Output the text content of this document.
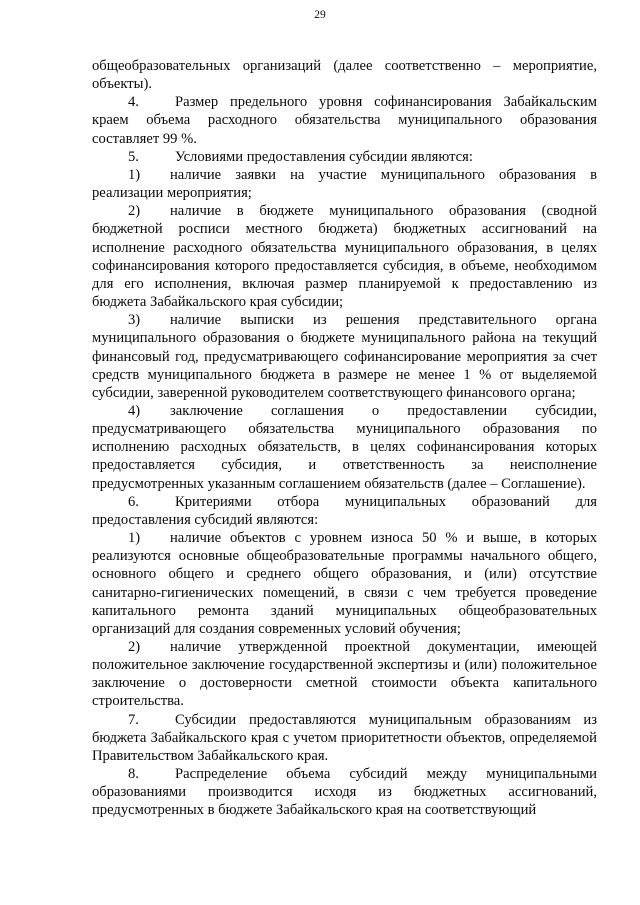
29

общеобразовательных организаций (далее соответственно – мероприятие, объекты).

4. Размер предельного уровня софинансирования Забайкальским краем объема расходного обязательства муниципального образования составляет 99 %.

5. Условиями предоставления субсидии являются:

1) наличие заявки на участие муниципального образования в реализации мероприятия;

2) наличие в бюджете муниципального образования (сводной бюджетной росписи местного бюджета) бюджетных ассигнований на исполнение расходного обязательства муниципального образования, в целях софинансирования которого предоставляется субсидия, в объеме, необходимом для его исполнения, включая размер планируемой к предоставлению из бюджета Забайкальского края субсидии;

3) наличие выписки из решения представительного органа муниципального образования о бюджете муниципального района на текущий финансовый год, предусматривающего софинансирование мероприятия за счет средств муниципального бюджета в размере не менее 1 % от выделяемой субсидии, заверенной руководителем соответствующего финансового органа;

4) заключение соглашения о предоставлении субсидии, предусматривающего обязательства муниципального образования по исполнению расходных обязательств, в целях софинансирования которых предоставляется субсидия, и ответственность за неисполнение предусмотренных указанным соглашением обязательств (далее – Соглашение).

6. Критериями отбора муниципальных образований для предоставления субсидий являются:

1) наличие объектов с уровнем износа 50 % и выше, в которых реализуются основные общеобразовательные программы начального общего, основного общего и среднего общего образования, и (или) отсутствие санитарно-гигиенических помещений, в связи с чем требуется проведение капитального ремонта зданий муниципальных общеобразовательных организаций для создания современных условий обучения;

2) наличие утвержденной проектной документации, имеющей положительное заключение государственной экспертизы и (или) положительное заключение о достоверности сметной стоимости объекта капитального строительства.

7. Субсидии предоставляются муниципальным образованиям из бюджета Забайкальского края с учетом приоритетности объектов, определяемой Правительством Забайкальского края.

8. Распределение объема субсидий между муниципальными образованиями производится исходя из бюджетных ассигнований, предусмотренных в бюджете Забайкальского края на соответствующий
